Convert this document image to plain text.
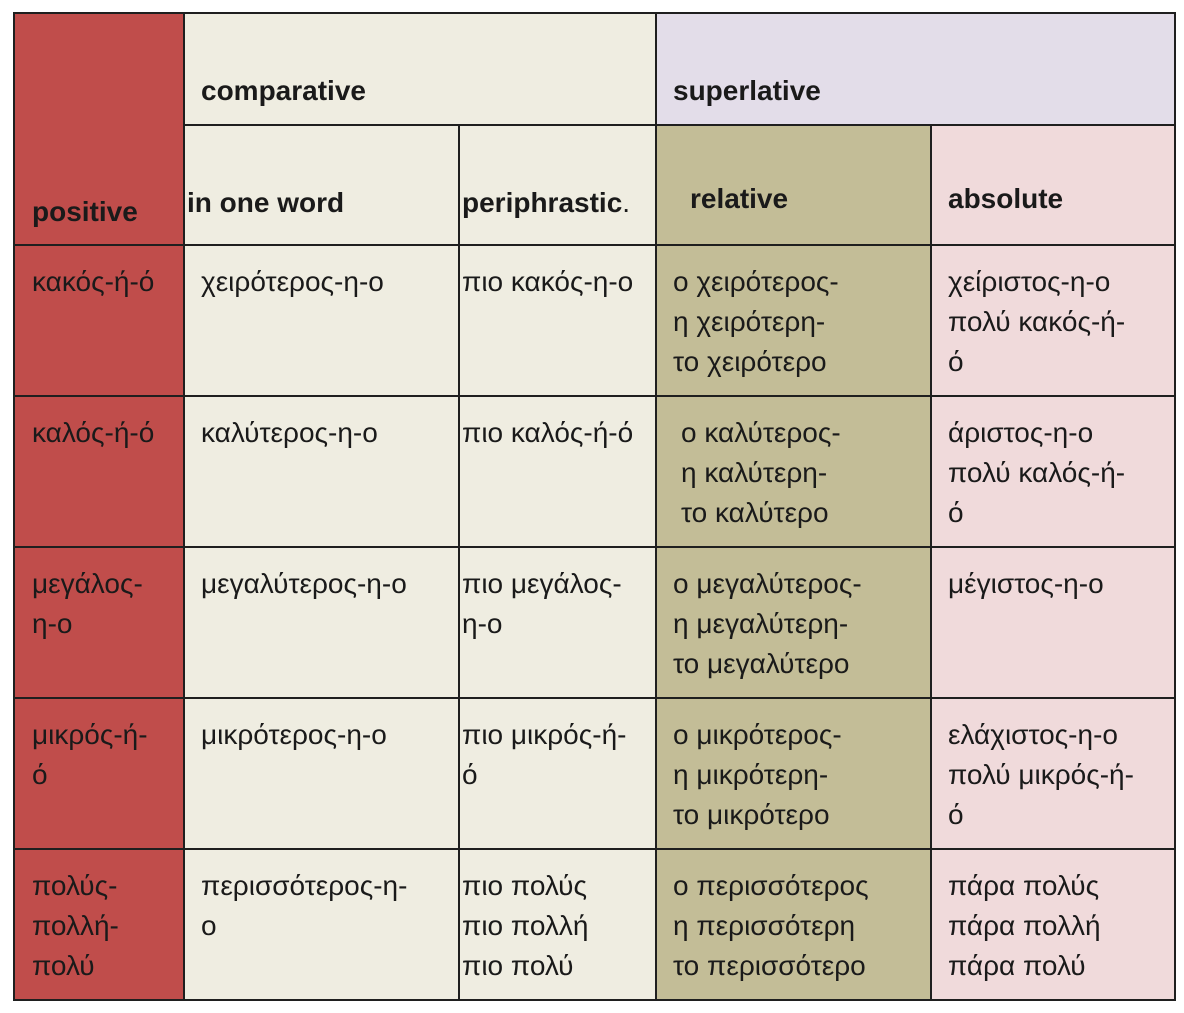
positive	comparative		superlative	

	in one word	periphrastic.	relative	absolute

κακός-ή-ό	χειρότερος-η-ο	πιο κακός-η-ο	ο χειρότερος-
η χειρότερη-
το χειρότερο	χείριστος-η-ο
πολύ κακός-ή-
ό

καλός-ή-ό	καλύτερος-η-ο	πιο καλός-ή-ό	ο καλύτερος-
η καλύτερη-
το καλύτερο	άριστος-η-ο
πολύ καλός-ή-
ό

μεγάλος-
η-ο	μεγαλύτερος-η-ο	πιο μεγάλος-
η-ο	ο μεγαλύτερος-
η μεγαλύτερη-
το μεγαλύτερο	μέγιστος-η-ο

μικρός-ή-
ό	μικρότερος-η-ο	πιο μικρός-ή-
ό	ο μικρότερος-
η μικρότερη-
το μικρότερο	ελάχιστος-η-ο
πολύ μικρός-ή-
ό

πολύς-
πολλή-
πολύ	περισσότερος-η-
ο	πιο πολύς
πιο πολλή
πιο πολύ	ο περισσότερος
η περισσότερη
το περισσότερο	πάρα πολύς
πάρα πολλή
πάρα πολύ
